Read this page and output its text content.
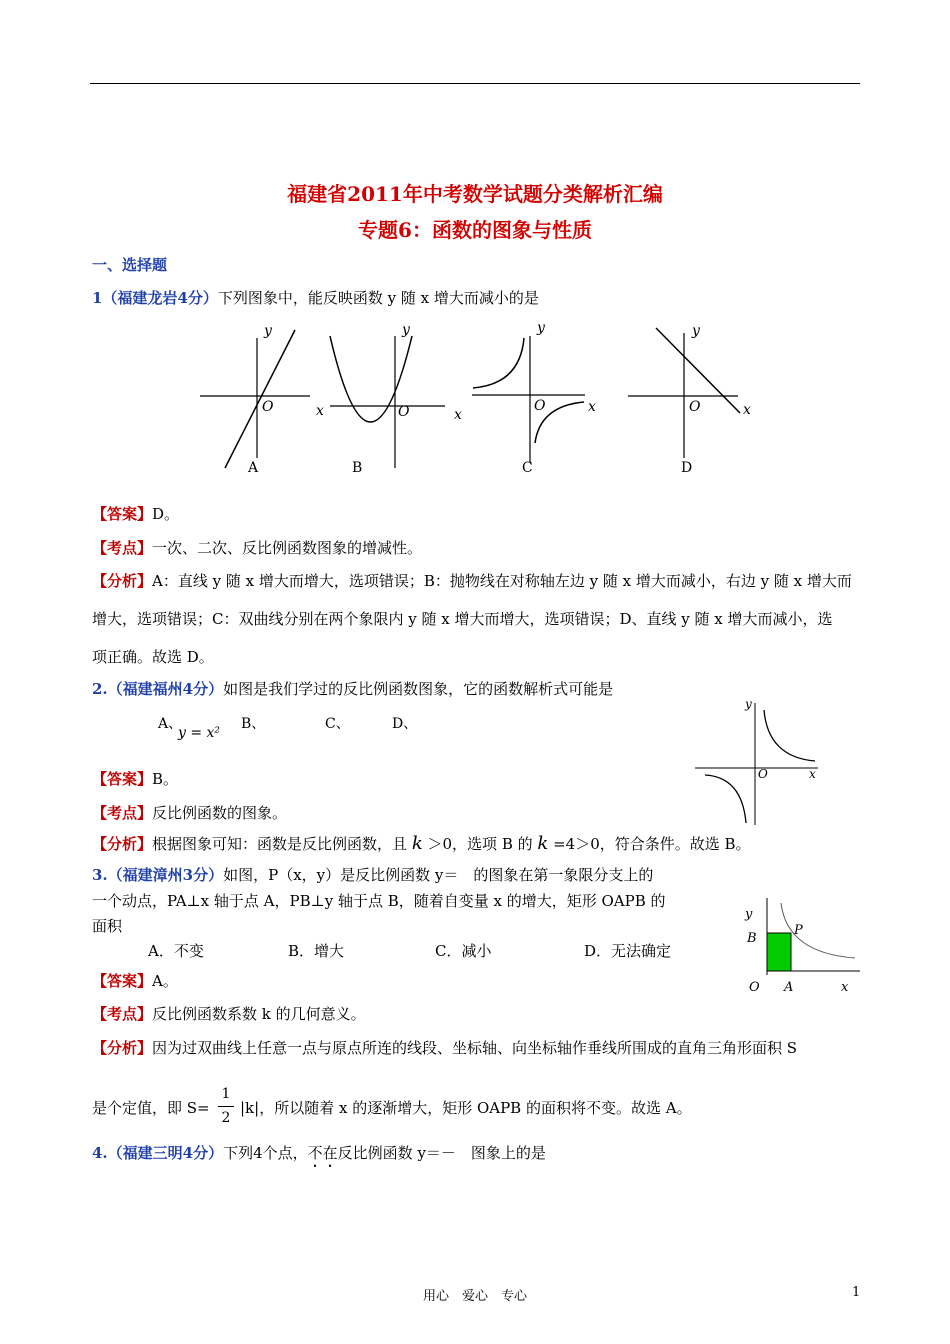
福建省2011年中考数学试题分类解析汇编
专题6：函数的图象与性质
一、选择题
1（福建龙岩4分）下列图象中，能反映函数 y 随 x 增大而减小的是
y
O
A
y
x	O	x
B
y
O	x
C
y
O	x
D
【答案】D。
【考点】一次、二次、反比例函数图象的增减性。
【分析】A：直线 y 随 x 增大而增大，选项错误；B：抛物线在对称轴左边 y 随 x 增大而减小，右边 y 随 x 增大而
增大，选项错误；C：双曲线分别在两个象限内 y 随 x 增大而增大，选项错误；D、直线 y 随 x 增大而减小，选
项正确。故选 D。
2.（福建福州4分）如图是我们学过的反比例函数图象，它的函数解析式可能是
A、
y = x²
B、	C、	D、
y
O	x
【答案】B。
【考点】反比例函数的图象。
【分析】根据图象可知：函数是反比例函数，且 k ＞0，选项 B 的 k =4＞0，符合条件。故选 B。
3.（福建漳州3分）如图，P（x，y）是反比例函数 y＝　的图象在第一象限分支上的
一个动点，PA⊥x 轴于点 A，PB⊥y 轴于点 B，随着自变量 x 的增大，矩形 OAPB 的
面积
A．不变	B．增大	C．减小	D．无法确定
y
B
P
O A	x
【答案】A。
【考点】反比例函数系数 k 的几何意义。
【分析】因为过双曲线上任意一点与原点所连的线段、坐标轴、向坐标轴作垂线所围成的直角三角形面积 S
是个定值，即 S=
1
2
|k|，所以随着 x 的逐渐增大，矩形 OAPB 的面积将不变。故选 A。
4.（福建三明4分）下列4个点，不在反比例函数 y＝－　图象上的是
用心　爱心　专心	1
